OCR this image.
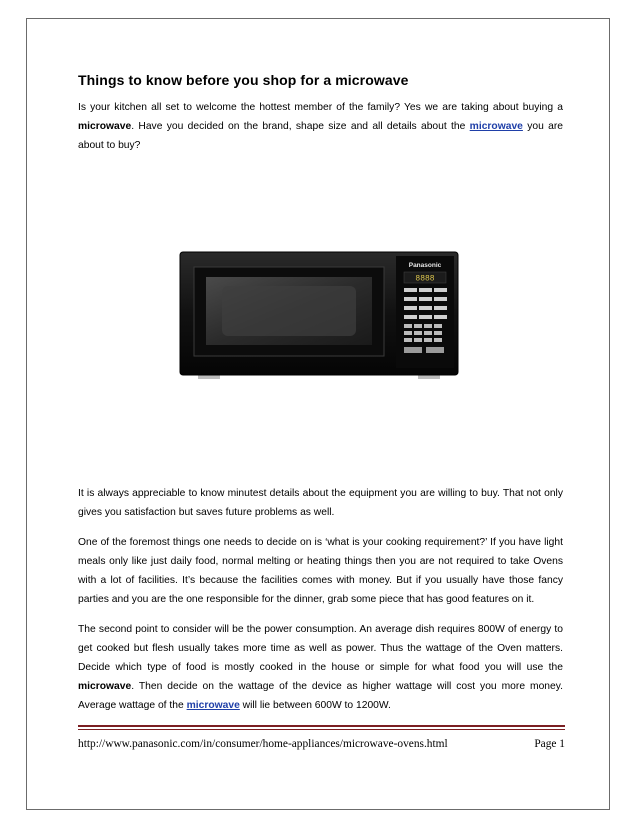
Things to know before you shop for a microwave

Is your kitchen all set to welcome the hottest member of the family? Yes we are taking about buying a microwave. Have you decided on the brand, shape size and all details about the microwave you are about to buy?

Panasonic
8888

It is always appreciable to know minutest details about the equipment you are willing to buy. That not only gives you satisfaction but saves future problems as well.

One of the foremost things one needs to decide on is ‘what is your cooking requirement?’ If you have light meals only like just daily food, normal melting or heating things then you are not required to take Ovens with a lot of facilities. It’s because the facilities comes with money. But if you usually have those fancy parties and you are the one responsible for the dinner, grab some piece that has good features on it.

The second point to consider will be the power consumption. An average dish requires 800W of energy to get cooked but flesh usually takes more time as well as power. Thus the wattage of the Oven matters. Decide which type of food is mostly cooked in the house or simple for what food you will use the microwave. Then decide on the wattage of the device as higher wattage will cost you more money. Average wattage of the microwave will lie between 600W to 1200W.

http://www.panasonic.com/in/consumer/home-appliances/microwave-ovens.html	Page 1
